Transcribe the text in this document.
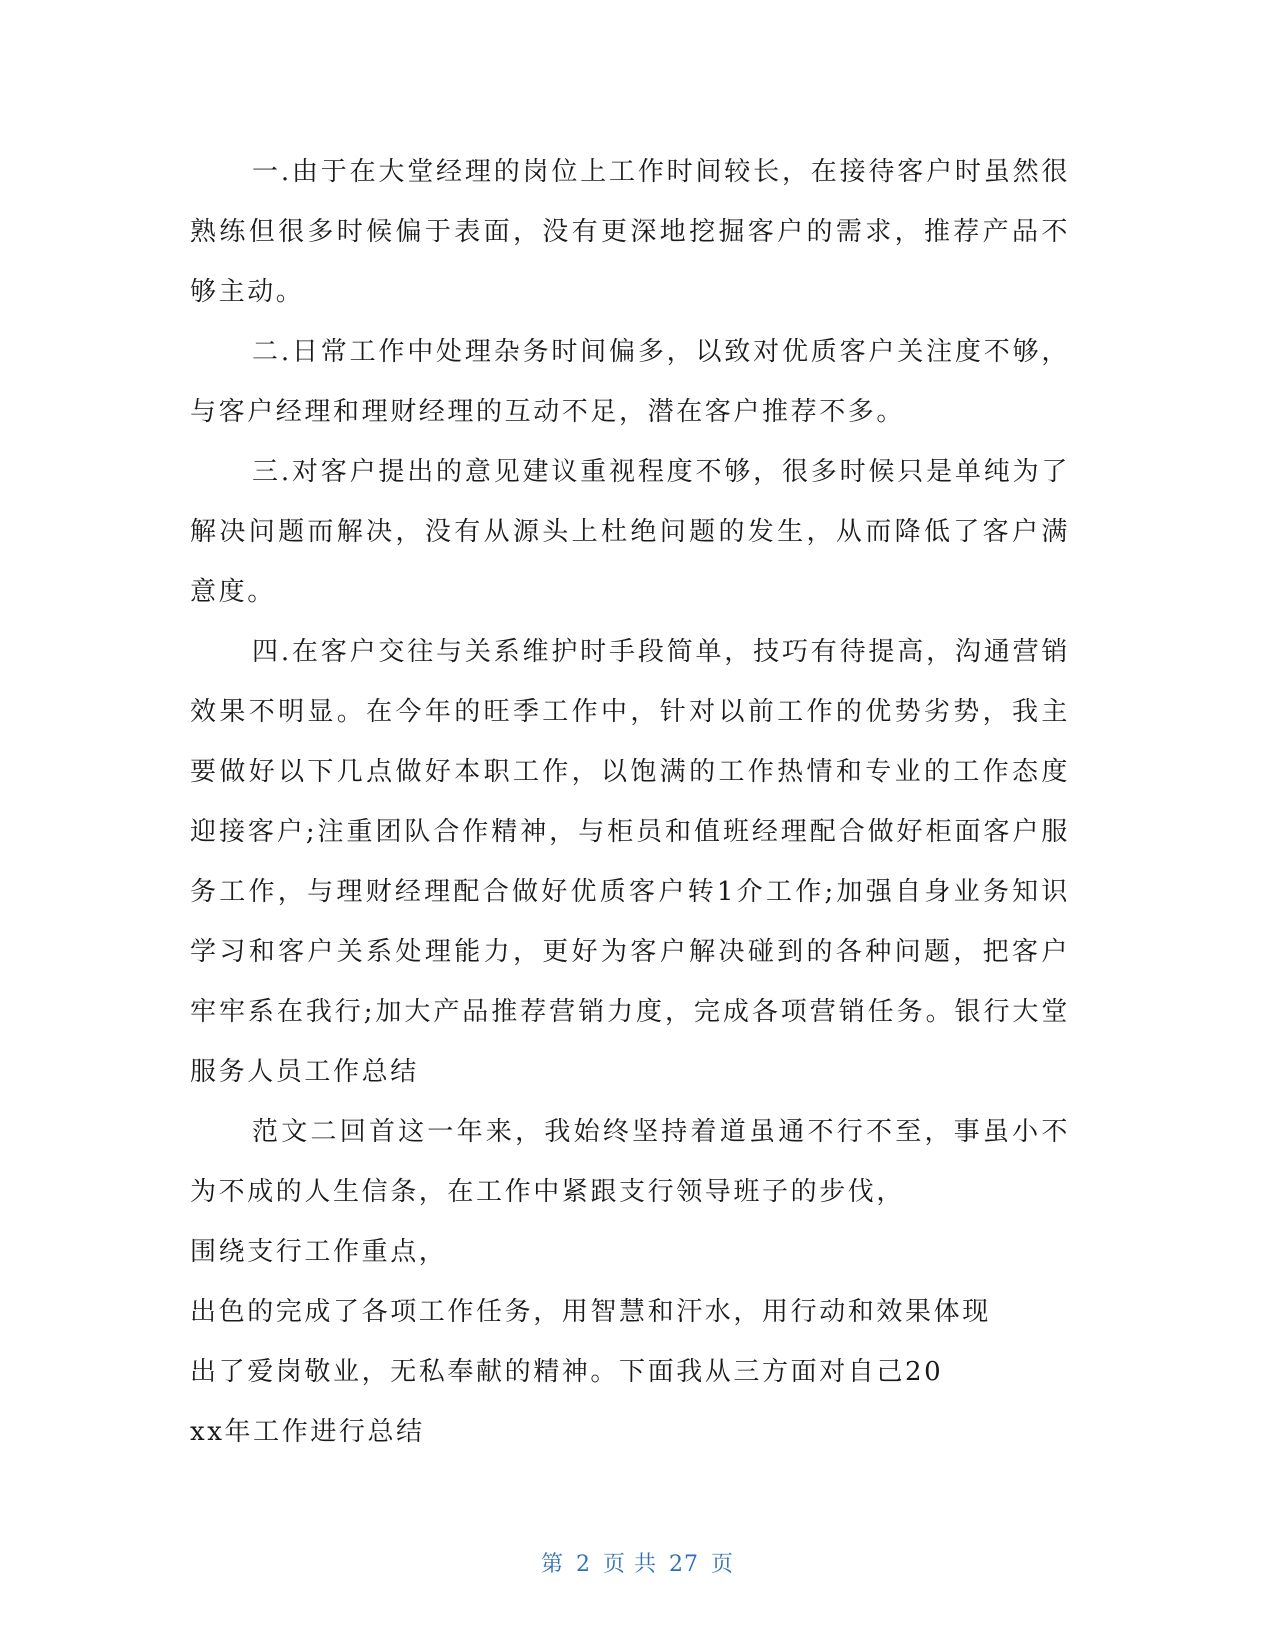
一.由于在大堂经理的岗位上工作时间较长，在接待客户时虽然很熟练但很多时候偏于表面，没有更深地挖掘客户的需求，推荐产品不够主动。

二.日常工作中处理杂务时间偏多，以致对优质客户关注度不够，与客户经理和理财经理的互动不足，潜在客户推荐不多。

三.对客户提出的意见建议重视程度不够，很多时候只是单纯为了解决问题而解决，没有从源头上杜绝问题的发生，从而降低了客户满意度。

四.在客户交往与关系维护时手段简单，技巧有待提高，沟通营销效果不明显。在今年的旺季工作中，针对以前工作的优势劣势，我主要做好以下几点做好本职工作，以饱满的工作热情和专业的工作态度迎接客户;注重团队合作精神，与柜员和值班经理配合做好柜面客户服务工作，与理财经理配合做好优质客户转1介工作;加强自身业务知识学习和客户关系处理能力，更好为客户解决碰到的各种问题，把客户牢牢系在我行;加大产品推荐营销力度，完成各项营销任务。银行大堂服务人员工作总结

范文二回首这一年来，我始终坚持着道虽通不行不至，事虽小不为不成的人生信条，在工作中紧跟支行领导班子的步伐，

围绕支行工作重点，
出色的完成了各项工作任务，用智慧和汗水，用行动和效果体现
出了爱岗敬业，无私奉献的精神。下面我从三方面对自己20
xx年工作进行总结
第 2 页 共 27 页
